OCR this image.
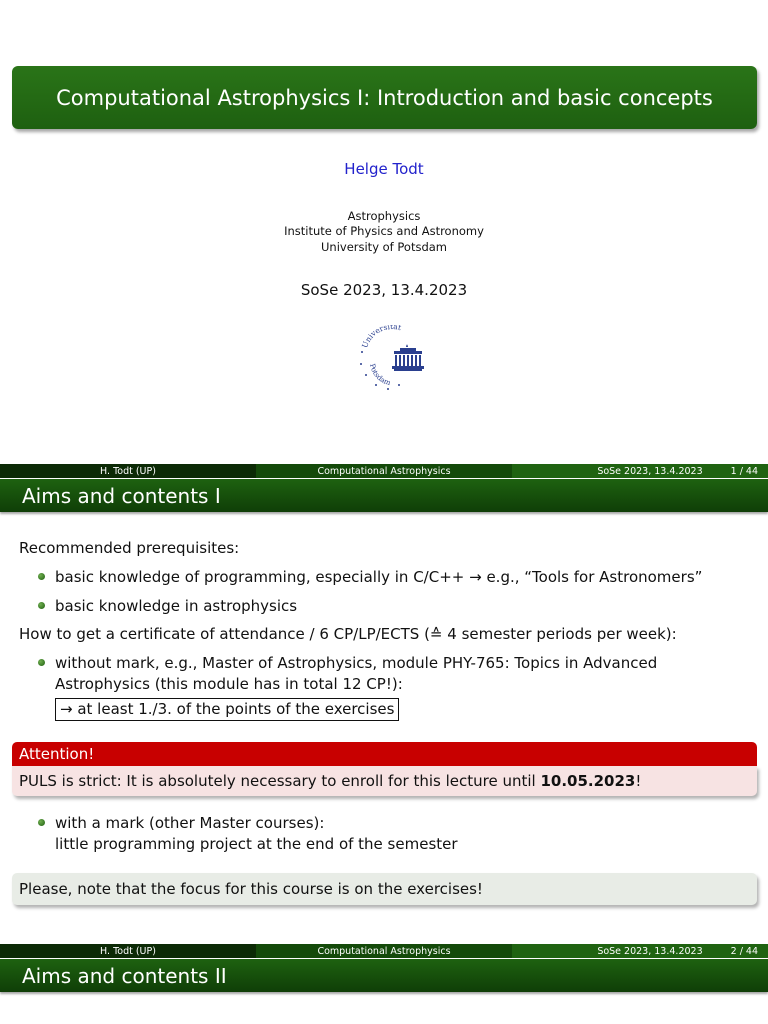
Computational Astrophysics I: Introduction and basic concepts
Helge Todt
Astrophysics
Institute of Physics and Astronomy
University of Potsdam
SoSe 2023, 13.4.2023
Universität
Potsdam
H. Todt (UP)	Computational Astrophysics	SoSe 2023, 13.4.2023	1 / 44
Aims and contents I
Recommended prerequisites:
basic knowledge of programming, especially in C/C++ → e.g., “Tools for Astronomers”
basic knowledge in astrophysics
How to get a certificate of attendance / 6 CP/LP/ECTS (≙ 4 semester periods per week):
without mark, e.g., Master of Astrophysics, module PHY-765: Topics in Advanced
Astrophysics (this module has in total 12 CP!):
→ at least 1./3. of the points of the exercises
Attention!
PULS is strict: It is absolutely necessary to enroll for this lecture until 10.05.2023!
with a mark (other Master courses):
little programming project at the end of the semester
Please, note that the focus for this course is on the exercises!
H. Todt (UP)	Computational Astrophysics	SoSe 2023, 13.4.2023	2 / 44
Aims and contents II
